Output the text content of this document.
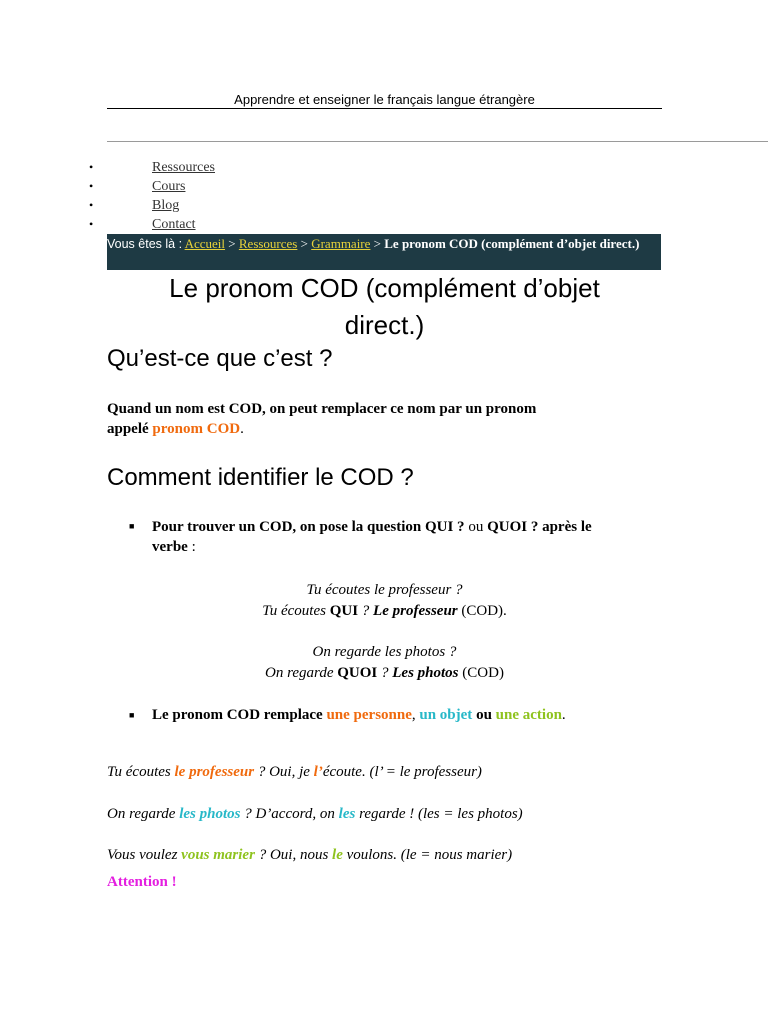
Apprendre et enseigner le français langue étrangère
•	Ressources
•	Cours
•	Blog
•	Contact
Vous êtes là : Accueil > Ressources > Grammaire > Le pronom COD (complément d’objet direct.)
Le pronom COD (complément d’objet
direct.)
Qu’est-ce que c’est ?

Quand un nom est COD, on peut remplacer ce nom par un pronom
appelé pronom COD.

Comment identifier le COD ?
■ Pour trouver un COD, on pose la question QUI ? ou QUOI ? après le
verbe :

Tu écoutes le professeur ?
Tu écoutes QUI ? Le professeur (COD).
On regarde les photos ?
On regarde QUOI ? Les photos (COD)
■ Le pronom COD remplace une personne, un objet ou une action.

Tu écoutes le professeur ? Oui, je l’écoute. (l’ = le professeur)

On regarde les photos ? D’accord, on les regarde ! (les = les photos)

Vous voulez vous marier ? Oui, nous le voulons. (le = nous marier)

Attention !
